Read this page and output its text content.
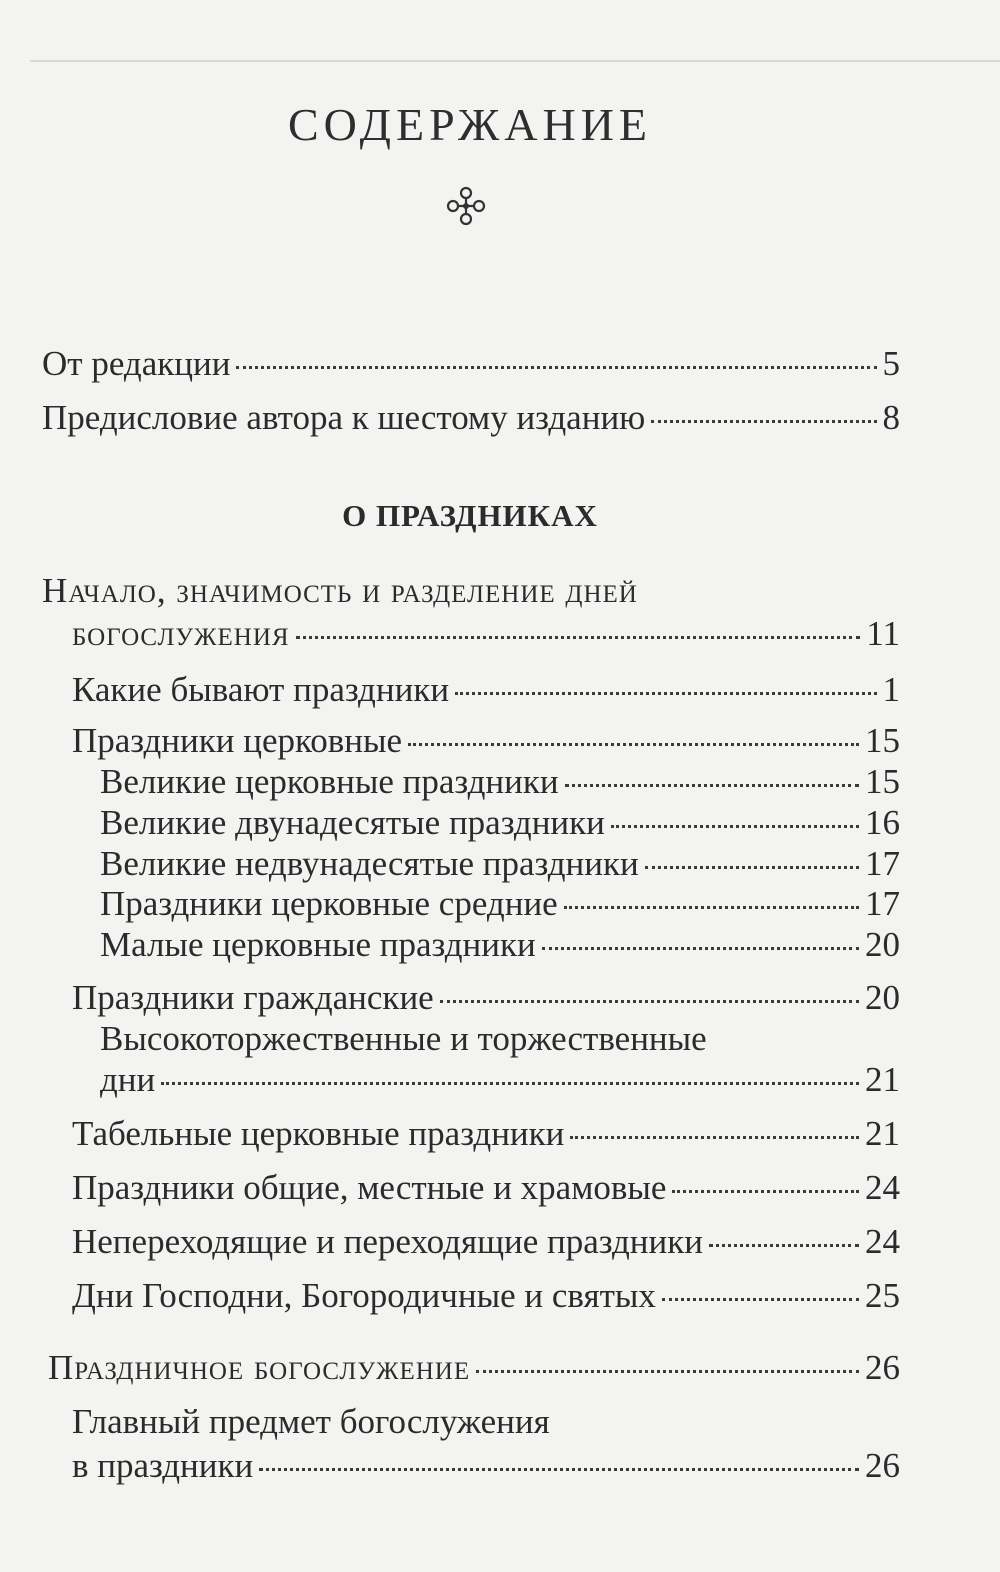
СОДЕРЖАНИЕ
От редакции	5
Предисловие автора к шестому изданию	8
О ПРАЗДНИКАХ
Начало, значимость и разделение дней
богослужения	11
Какие бывают праздники	1
Праздники церковные	15
Великие церковные праздники	15
Великие двунадесятые праздники	16
Великие недвунадесятые праздники	17
Праздники церковные средние	17
Малые церковные праздники	20
Праздники гражданские	20
Высокоторжественные и торжественные
дни	21
Табельные церковные праздники	21
Праздники общие, местные и храмовые	24
Непереходящие и переходящие праздники	24
Дни Господни, Богородичные и святых	25
Праздничное богослужение	26
Главный предмет богослужения
в праздники	26
